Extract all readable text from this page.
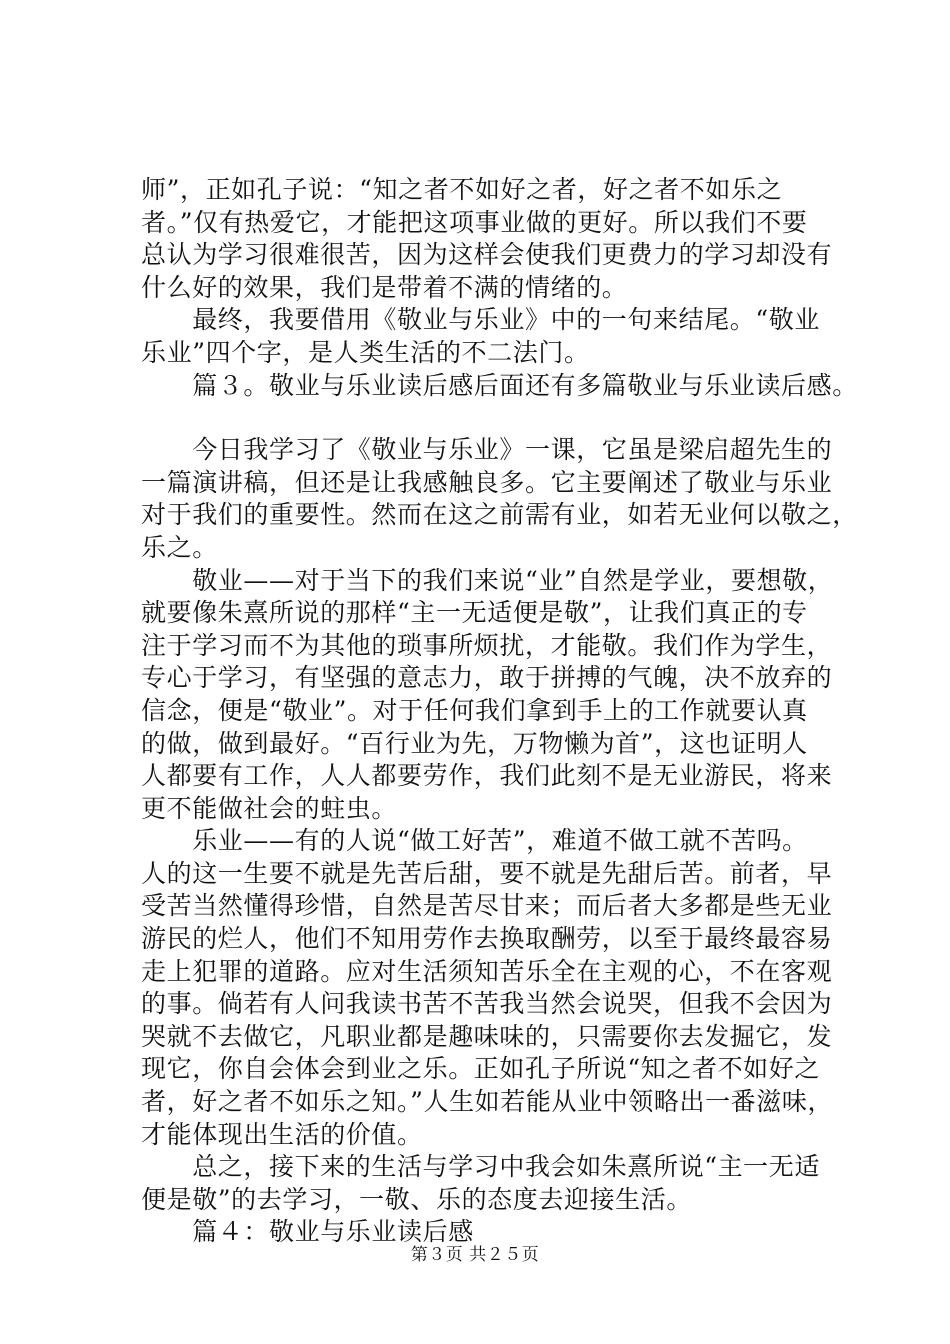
师”，正如孔子说：“知之者不如好之者，好之者不如乐之
者。”仅有热爱它，才能把这项事业做的更好。所以我们不要
总认为学习很难很苦，因为这样会使我们更费力的学习却没有
什么好的效果，我们是带着不满的情绪的。
　　最终，我要借用《敬业与乐业》中的一句来结尾。“敬业
乐业”四个字，是人类生活的不二法门。
　　篇３。敬业与乐业读后感后面还有多篇敬业与乐业读后感。
　　今日我学习了《敬业与乐业》一课，它虽是梁启超先生的
一篇演讲稿，但还是让我感触良多。它主要阐述了敬业与乐业
对于我们的重要性。然而在这之前需有业，如若无业何以敬之，
乐之。
　　敬业——对于当下的我们来说“业”自然是学业，要想敬，
就要像朱熹所说的那样“主一无适便是敬”，让我们真正的专
注于学习而不为其他的琐事所烦扰，才能敬。我们作为学生，
专心于学习，有坚强的意志力，敢于拼搏的气魄，决不放弃的
信念，便是“敬业”。对于任何我们拿到手上的工作就要认真
的做，做到最好。“百行业为先，万物懒为首”，这也证明人
人都要有工作，人人都要劳作，我们此刻不是无业游民，将来
更不能做社会的蛀虫。
　　乐业——有的人说“做工好苦”，难道不做工就不苦吗。
人的这一生要不就是先苦后甜，要不就是先甜后苦。前者，早
受苦当然懂得珍惜，自然是苦尽甘来；而后者大多都是些无业
游民的烂人，他们不知用劳作去换取酬劳，以至于最终最容易
走上犯罪的道路。应对生活须知苦乐全在主观的心，不在客观
的事。倘若有人问我读书苦不苦我当然会说哭，但我不会因为
哭就不去做它，凡职业都是趣味味的，只需要你去发掘它，发
现它，你自会体会到业之乐。正如孔子所说“知之者不如好之
者，好之者不如乐之知。”人生如若能从业中领略出一番滋味，
才能体现出生活的价值。
　　总之，接下来的生活与学习中我会如朱熹所说“主一无适
便是敬”的去学习，一敬、乐的态度去迎接生活。
　　篇４：敬业与乐业读后感
第３页 共２５页
